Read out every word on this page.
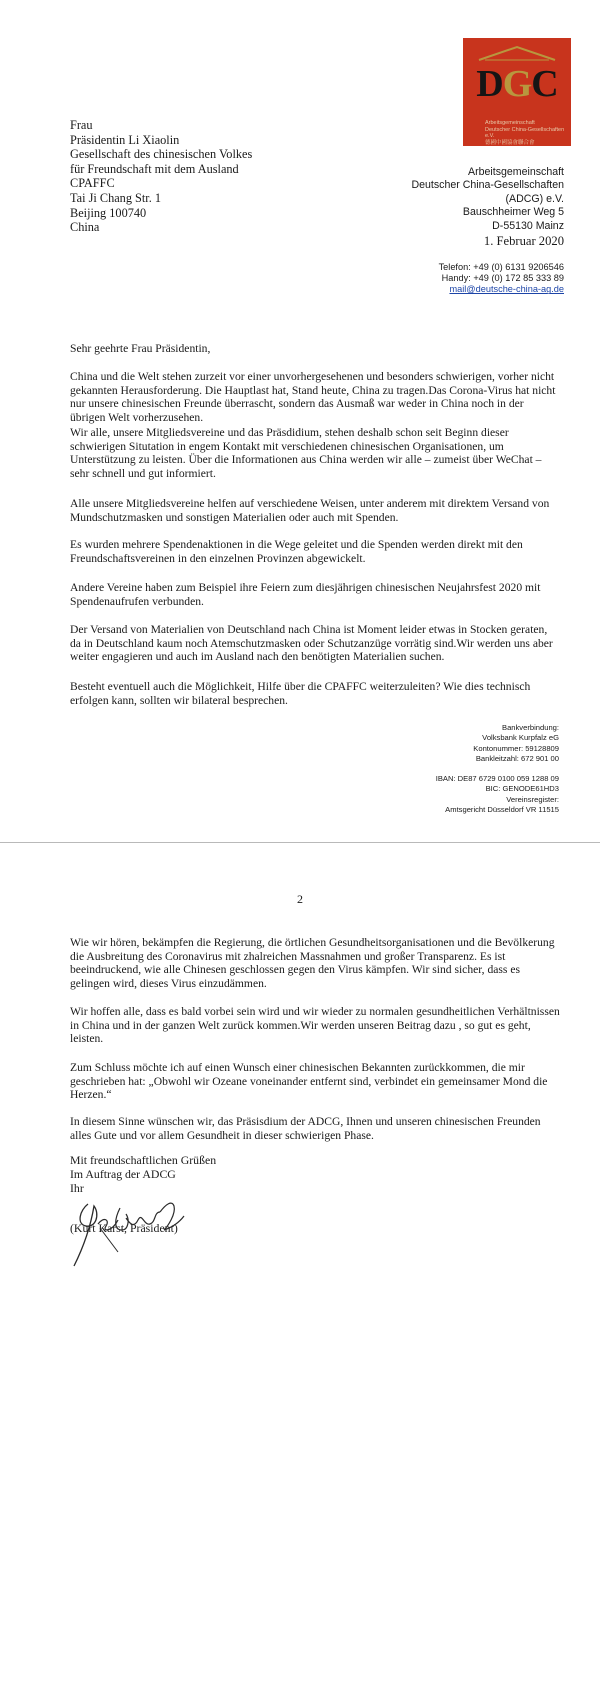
DGC
Arbeitsgemeinschaft
Deutscher China-Gesellschaften e.V.
德國中國協會聯合會
Frau
Präsidentin Li Xiaolin
Gesellschaft des chinesischen Volkes
für Freundschaft mit dem Ausland
CPAFFC
Tai Ji Chang Str. 1
Beijing 100740
China
Arbeitsgemeinschaft
Deutscher China-Gesellschaften
(ADCG) e.V.
Bauschheimer Weg 5
D-55130 Mainz
1. Februar 2020
Telefon: +49 (0) 6131 9206546
Handy: +49 (0) 172 85 333 89
mail@deutsche-china-ag.de

Sehr geehrte Frau Präsidentin,

China und die Welt stehen zurzeit vor einer unvorhergesehenen und besonders schwierigen, vorher nicht gekannten Herausforderung. Die Hauptlast hat, Stand heute, China zu tragen.Das Corona-Virus hat nicht nur unsere chinesischen Freunde überrascht, sondern das Ausmaß war weder in China noch in der übrigen Welt vorherzusehen.

Wir alle, unsere Mitgliedsvereine und das Präsdidium, stehen deshalb schon seit Beginn dieser schwierigen Situtation in engem Kontakt mit verschiedenen chinesischen Organisationen, um Unterstützung zu leisten. Über die Informationen aus China werden wir alle – zumeist über WeChat – sehr schnell und gut informiert.

Alle unsere Mitgliedsvereine helfen auf verschiedene Weisen, unter anderem mit direktem Versand von Mundschutzmasken und sonstigen Materialien oder auch mit Spenden.

Es wurden mehrere Spendenaktionen in die Wege geleitet und die Spenden werden direkt mit den Freundschaftsvereinen in den einzelnen Provinzen abgewickelt.

Andere Vereine haben zum Beispiel ihre Feiern zum diesjährigen chinesischen Neujahrsfest 2020 mit Spendenaufrufen verbunden.

Der Versand von Materialien von Deutschland nach China ist Moment leider etwas in Stocken geraten, da in Deutschland kaum noch Atemschutzmasken oder Schutzanzüge vorrätig sind.Wir werden uns aber weiter engagieren und auch im Ausland nach den benötigten Materialien suchen.

Besteht eventuell auch die Möglichkeit, Hilfe über die CPAFFC weiterzuleiten? Wie dies technisch erfolgen kann, sollten wir bilateral besprechen.

Bankverbindung:
Volksbank Kurpfalz eG
Kontonummer: 59128809
Bankleitzahl: 672 901 00
IBAN: DE87 6729 0100 059 1288 09
BIC: GENODE61HD3
Vereinsregister:
Amtsgericht Düsseldorf VR 11515
2

Wie wir hören, bekämpfen die Regierung, die örtlichen Gesundheitsorganisationen und die Bevölkerung die Ausbreitung des Coronavirus mit zhalreichen Massnahmen und großer Transparenz. Es ist beeindruckend, wie alle Chinesen geschlossen gegen den Virus kämpfen. Wir sind sicher, dass es gelingen wird, dieses Virus einzudämmen.

Wir hoffen alle, dass es bald vorbei sein wird und wir wieder zu normalen gesundheitlichen Verhältnissen in China und in der ganzen Welt zurück kommen.Wir werden unseren Beitrag dazu , so gut es geht, leisten.

Zum Schluss möchte ich auf einen Wunsch einer chinesischen Bekannten zurückkommen, die mir geschrieben hat: „Obwohl wir Ozeane voneinander entfernt sind, verbindet ein gemeinsamer Mond die Herzen.“

In diesem Sinne wünschen wir, das Präsisdium der ADCG, Ihnen und unseren chinesischen Freunden alles Gute und vor allem Gesundheit in dieser schwierigen Phase.

Mit freundschaftlichen Grüßen
Im Auftrag der ADCG
Ihr
(Kurt Karst, Präsident)
